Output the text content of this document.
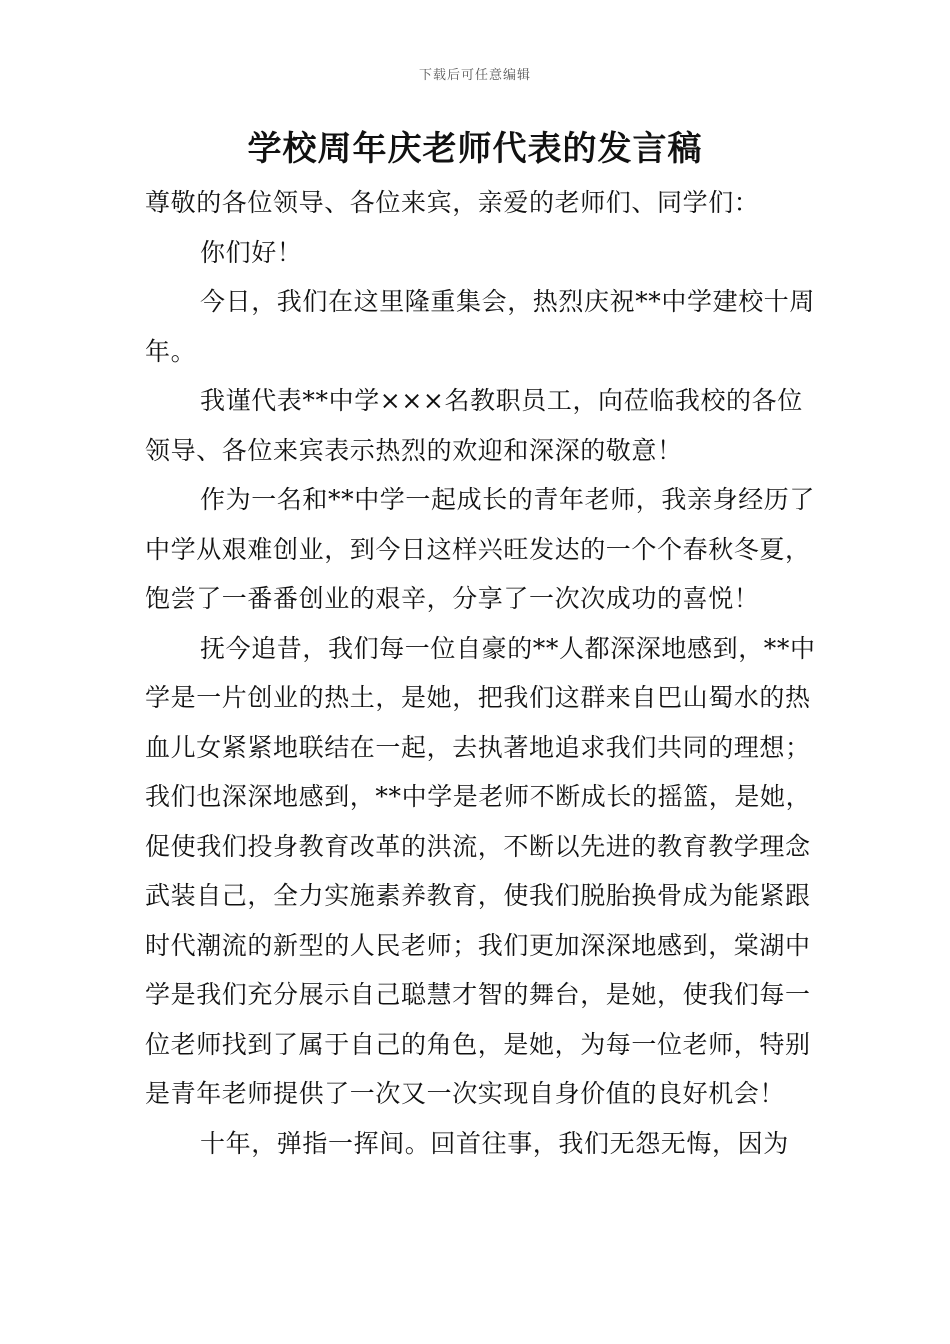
下载后可任意编辑
学校周年庆老师代表的发言稿

尊敬的各位领导、各位来宾，亲爱的老师们、同学们：

你们好！

今日，我们在这里隆重集会，热烈庆祝**中学建校十周年。

我谨代表**中学×××名教职员工，向莅临我校的各位领导、各位来宾表示热烈的欢迎和深深的敬意！

作为一名和**中学一起成长的青年老师，我亲身经历了中学从艰难创业，到今日这样兴旺发达的一个个春秋冬夏，饱尝了一番番创业的艰辛，分享了一次次成功的喜悦！

抚今追昔，我们每一位自豪的**人都深深地感到，**中学是一片创业的热土，是她，把我们这群来自巴山蜀水的热血儿女紧紧地联结在一起，去执著地追求我们共同的理想；我们也深深地感到，**中学是老师不断成长的摇篮，是她，促使我们投身教育改革的洪流，不断以先进的教育教学理念武装自己，全力实施素养教育，使我们脱胎换骨成为能紧跟时代潮流的新型的人民老师；我们更加深深地感到，棠湖中学是我们充分展示自己聪慧才智的舞台，是她，使我们每一位老师找到了属于自己的角色，是她，为每一位老师，特别是青年老师提供了一次又一次实现自身价值的良好机会！

十年，弹指一挥间。回首往事，我们无怨无悔，因为
